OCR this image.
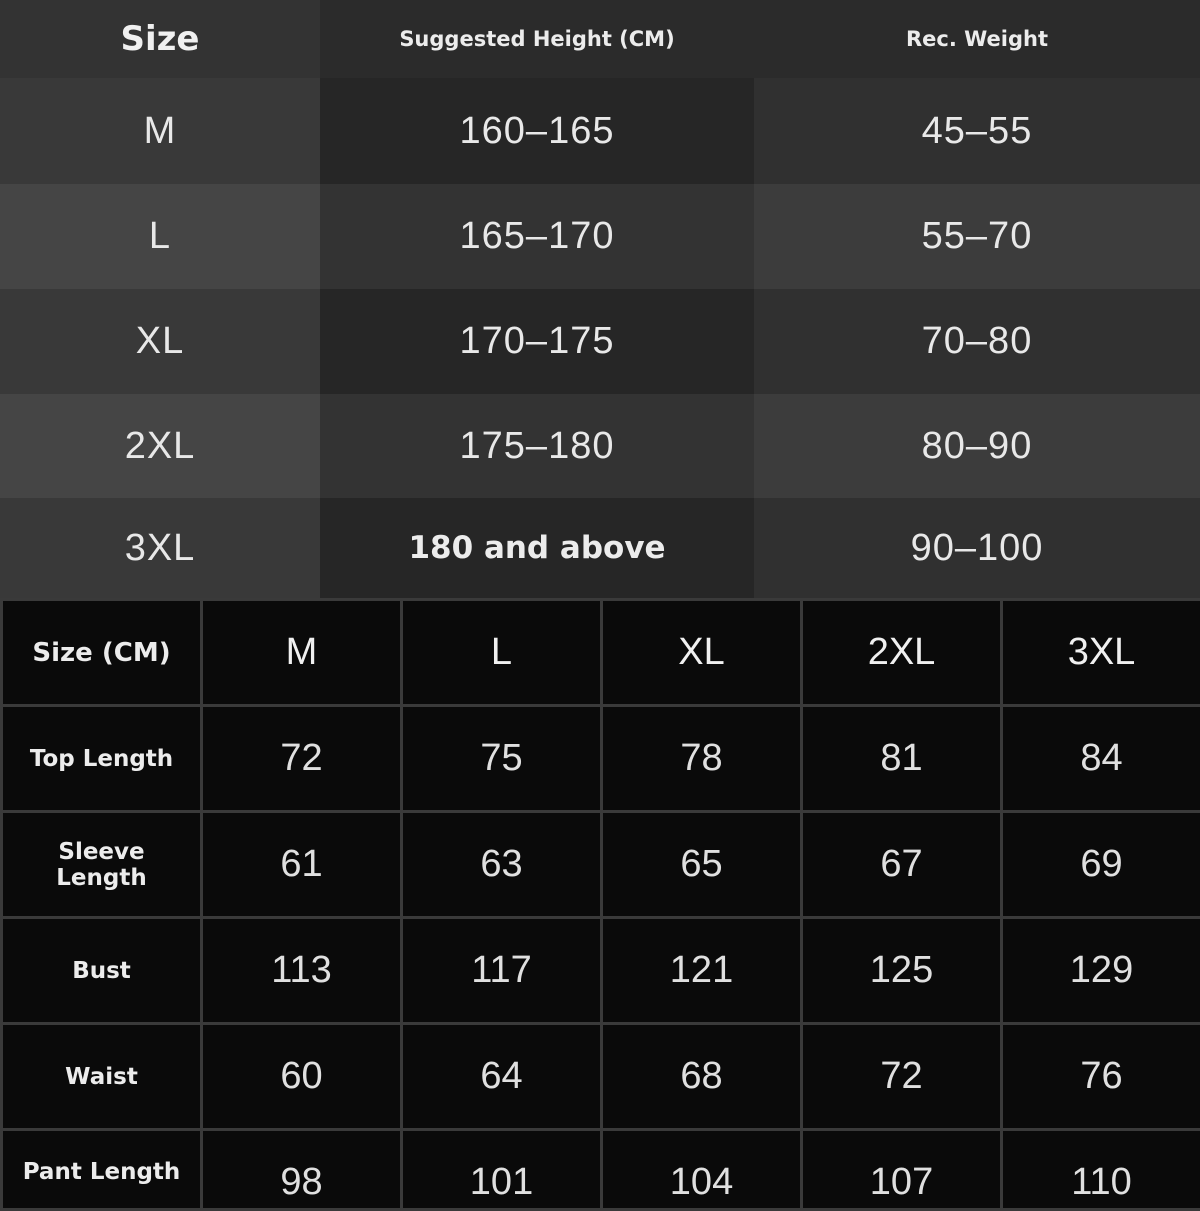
Size	Suggested Height (CM)	Rec. Weight
M	160–165	45–55
L	165–170	55–70
XL	170–175	70–80
2XL	175–180	80–90
3XL	180 and above	90–100
Size (CM)	M	L	XL	2XL	3XL
Top Length	72	75	78	81	84
Sleeve Length	61	63	65	67	69
Bust	113	117	121	125	129
Waist	60	64	68	72	76
Pant Length	98	101	104	107	110
